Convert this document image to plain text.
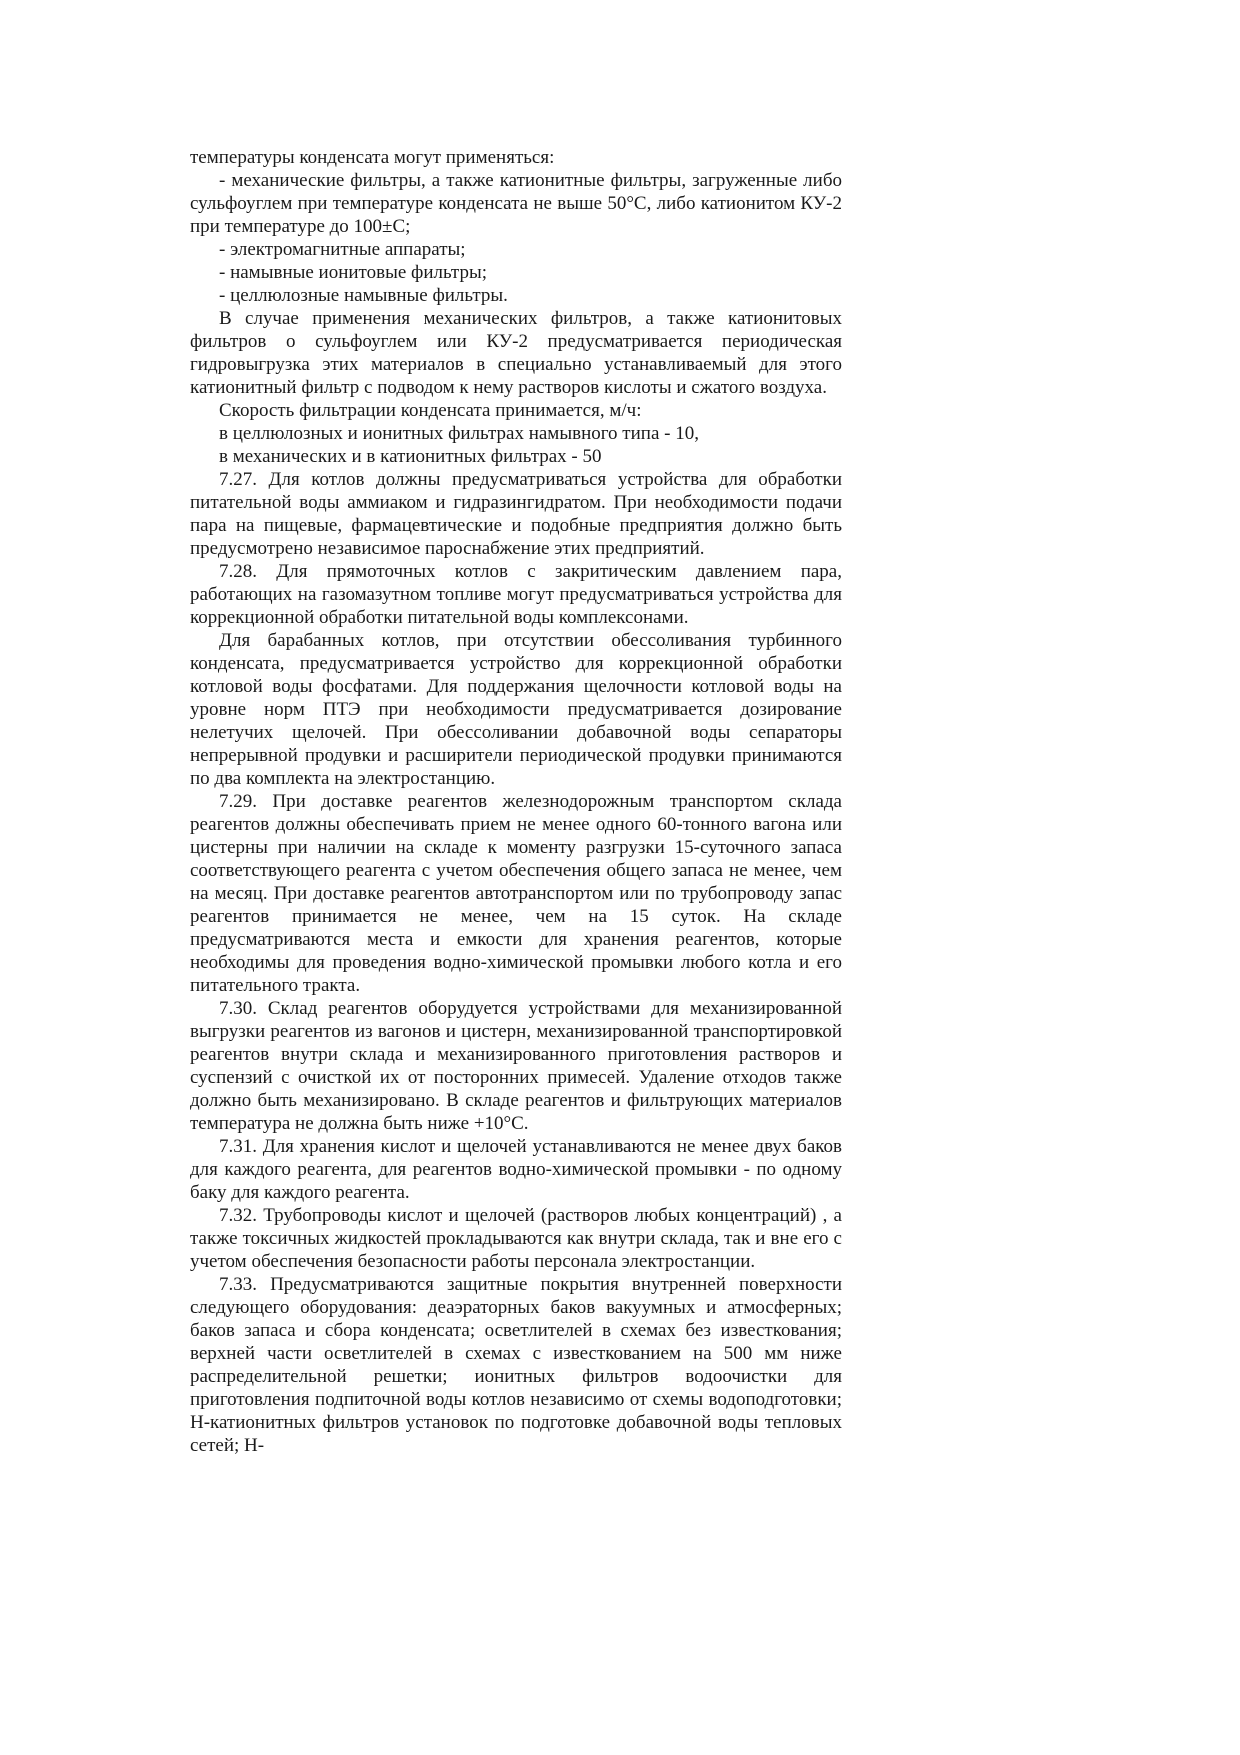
температуры конденсата могут применяться:

- механические фильтры, а также катионитные фильтры, загруженные либо сульфоуглем при температуре конденсата не выше 50°С, либо катионитом КУ-2 при температуре до 100±С;

- электромагнитные аппараты;

- намывные ионитовые фильтры;

- целлюлозные намывные фильтры.

В случае применения механических фильтров, а также катионитовых фильтров о сульфоуглем или КУ-2 предусматривается периодическая гидровыгрузка этих материалов в специально устанавливаемый для этого катионитный фильтр с подводом к нему растворов кислоты и сжатого воздуха.

Скорость фильтрации конденсата принимается, м/ч:

в целлюлозных и ионитных фильтрах намывного типа - 10,

в механических и в катионитных фильтрах - 50

7.27. Для котлов должны предусматриваться устройства для обработки питательной воды аммиаком и гидразингидратом. При необходимости подачи пара на пищевые, фармацевтические и подобные предприятия должно быть предусмотрено независимое пароснабжение этих предприятий.

7.28. Для прямоточных котлов с закритическим давлением пара, работающих на газомазутном топливе могут предусматриваться устройства для коррекционной обработки питательной воды комплексонами.

Для барабанных котлов, при отсутствии обессоливания турбинного конденсата, предусматривается устройство для коррекционной обработки котловой воды фосфатами. Для поддержания щелочности котловой воды на уровне норм ПТЭ при необходимости предусматривается дозирование нелетучих щелочей. При обессоливании добавочной воды сепараторы непрерывной продувки и расширители периодической продувки принимаются по два комплекта на электростанцию.

7.29. При доставке реагентов железнодорожным транспортом склада реагентов должны обеспечивать прием не менее одного 60-тонного вагона или цистерны при наличии на складе к моменту разгрузки 15-суточного запаса соответствующего реагента с учетом обеспечения общего запаса не менее, чем на месяц. При доставке реагентов автотранспортом или по трубопроводу запас реагентов принимается не менее, чем на 15 суток. На складе предусматриваются места и емкости для хранения реагентов, которые необходимы для проведения водно-химической промывки любого котла и его питательного тракта.

7.30. Склад реагентов оборудуется устройствами для механизированной выгрузки реагентов из вагонов и цистерн, механизированной транспортировкой реагентов внутри склада и механизированного приготовления растворов и суспензий с очисткой их от посторонних примесей. Удаление отходов также должно быть механизировано. В складе реагентов и фильтрующих материалов температура не должна быть ниже +10°С.

7.31. Для хранения кислот и щелочей устанавливаются не менее двух баков для каждого реагента, для реагентов водно-химической промывки - по одному баку для каждого реагента.

7.32. Трубопроводы кислот и щелочей (растворов любых концентраций) , а также токсичных жидкостей прокладываются как внутри склада, так и вне его с учетом обеспечения безопасности работы персонала электростанции.

7.33. Предусматриваются защитные покрытия внутренней поверхности следующего оборудования: деаэраторных баков вакуумных и атмосферных; баков запаса и сбора конденсата; осветлителей в схемах без известкования; верхней части осветлителей в схемах с известкованием на 500 мм ниже распределительной решетки; ионитных фильтров водоочистки для приготовления подпиточной воды котлов независимо от схемы водоподготовки; Н-катионитных фильтров установок по подготовке добавочной воды тепловых сетей; Н-
